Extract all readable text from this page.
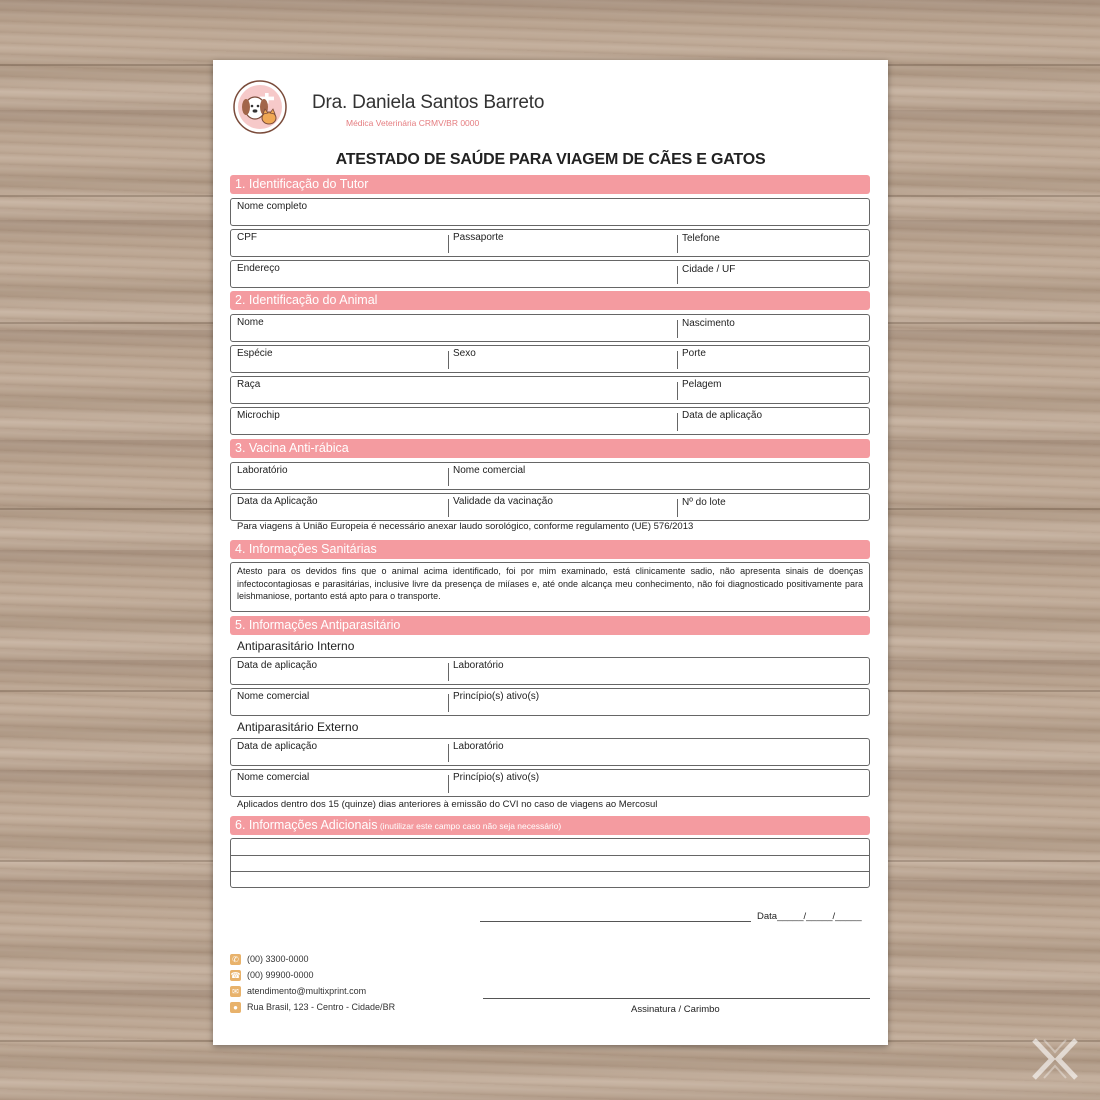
Dra. Daniela Santos Barreto
Médica Veterinária CRMV/BR 0000
ATESTADO DE SAÚDE PARA VIAGEM DE CÃES E GATOS
1. Identificação do Tutor
Nome completo
CPF	Passaporte	Telefone
Endereço	Cidade / UF
2. Identificação do Animal
Nome	Nascimento
Espécie	Sexo	Porte
Raça	Pelagem
Microchip	Data de aplicação
3. Vacina Anti-rábica
Laboratório	Nome comercial
Data da Aplicação	Validade da vacinação	Nº do lote
Para viagens à União Europeia é necessário anexar laudo sorológico, conforme regulamento (UE) 576/2013
4. Informações Sanitárias
Atesto para os devidos fins que o animal acima identificado, foi por mim examinado, está clinicamente sadio, não apresenta sinais de doenças infectocontagiosas e parasitárias, inclusive livre da presença de miíases e, até onde alcança meu conhecimento, não foi diagnosticado positivamente para leishmaniose, portanto está apto para o transporte.
5. Informações Antiparasitário
Antiparasitário Interno
Data de aplicação	Laboratório
Nome comercial	Princípio(s) ativo(s)
Antiparasitário Externo
Data de aplicação	Laboratório
Nome comercial	Princípio(s) ativo(s)
Aplicados dentro dos 15 (quinze) dias anteriores à emissão do CVI no caso de viagens ao Mercosul
6. Informações Adicionais (inutilizar este campo caso não seja necessário)
Data_____/_____/_____
Assinatura / Carimbo
✆ (00) 3300-0000
☎ (00) 99900-0000
✉ atendimento@multixprint.com
● Rua Brasil, 123 - Centro - Cidade/BR
